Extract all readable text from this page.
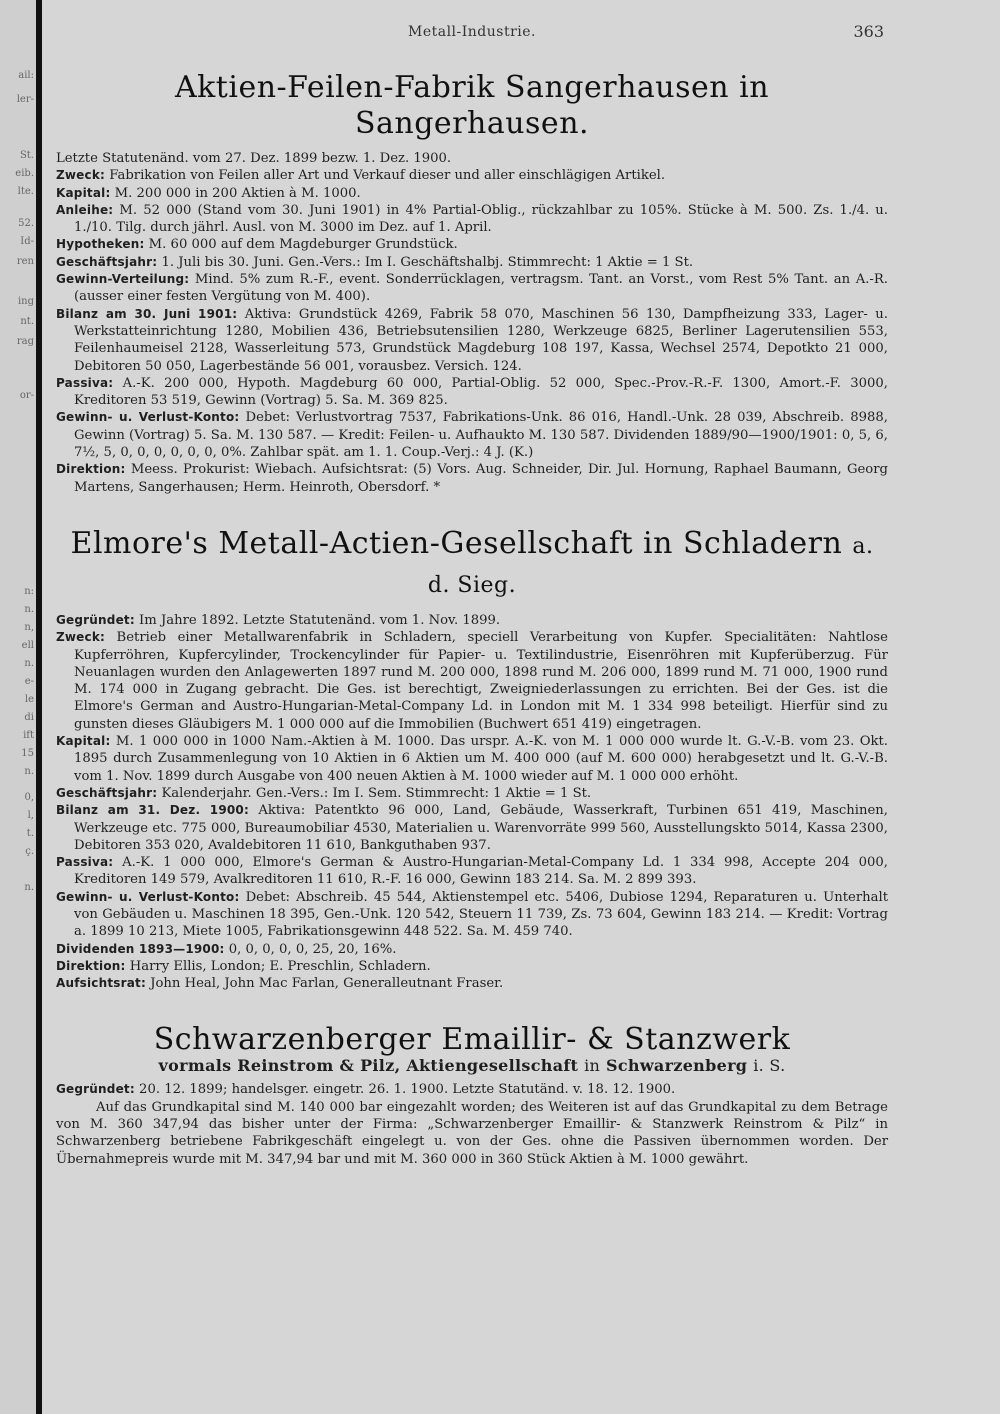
ail:
ler-
St.
eib.
lte.
52.
Id-
ren
ing
nt.
rag
or-
n:
n.
n,
ell
n.
e-
le
di
ift
15
n.
0,
l,
t.
ç.
n.
Metall-Industrie.	363
Aktien-Feilen-Fabrik Sangerhausen in Sangerhausen.

Letzte Statutenänd. vom 27. Dez. 1899 bezw. 1. Dez. 1900.

Zweck: Fabrikation von Feilen aller Art und Verkauf dieser und aller einschlägigen Artikel.

Kapital: M. 200 000 in 200 Aktien à M. 1000.

Anleihe: M. 52 000 (Stand vom 30. Juni 1901) in 4% Partial-Oblig., rückzahlbar zu 105%. Stücke à M. 500. Zs. 1./4. u. 1./10. Tilg. durch jährl. Ausl. von M. 3000 im Dez. auf 1. April.

Hypotheken: M. 60 000 auf dem Magdeburger Grundstück.

Geschäftsjahr: 1. Juli bis 30. Juni. Gen.-Vers.: Im I. Geschäftshalbj. Stimmrecht: 1 Aktie = 1 St.

Gewinn-Verteilung: Mind. 5% zum R.-F., event. Sonderrücklagen, vertragsm. Tant. an Vorst., vom Rest 5% Tant. an A.-R. (ausser einer festen Vergütung von M. 400).

Bilanz am 30. Juni 1901: Aktiva: Grundstück 4269, Fabrik 58 070, Maschinen 56 130, Dampfheizung 333, Lager- u. Werkstatteinrichtung 1280, Mobilien 436, Betriebsutensilien 1280, Werkzeuge 6825, Berliner Lagerutensilien 553, Feilenhaumeisel 2128, Wasserleitung 573, Grundstück Magdeburg 108 197, Kassa, Wechsel 2574, Depotkto 21 000, Debitoren 50 050, Lagerbestände 56 001, vorausbez. Versich. 124.

Passiva: A.-K. 200 000, Hypoth. Magdeburg 60 000, Partial-Oblig. 52 000, Spec.-Prov.-R.-F. 1300, Amort.-F. 3000, Kreditoren 53 519, Gewinn (Vortrag) 5. Sa. M. 369 825.

Gewinn- u. Verlust-Konto: Debet: Verlustvortrag 7537, Fabrikations-Unk. 86 016, Handl.-Unk. 28 039, Abschreib. 8988, Gewinn (Vortrag) 5. Sa. M. 130 587. — Kredit: Feilen- u. Aufhaukto M. 130 587. Dividenden 1889/90—1900/1901: 0, 5, 6, 7½, 5, 0, 0, 0, 0, 0, 0, 0%. Zahlbar spät. am 1. 1. Coup.-Verj.: 4 J. (K.)

Direktion: Meess. Prokurist: Wiebach. Aufsichtsrat: (5) Vors. Aug. Schneider, Dir. Jul. Hornung, Raphael Baumann, Georg Martens, Sangerhausen; Herm. Heinroth, Obersdorf. *

Elmore's Metall-Actien-Gesellschaft in Schladern a. d. Sieg.

Gegründet: Im Jahre 1892. Letzte Statutenänd. vom 1. Nov. 1899.

Zweck: Betrieb einer Metallwarenfabrik in Schladern, speciell Verarbeitung von Kupfer. Specialitäten: Nahtlose Kupferröhren, Kupfercylinder, Trockencylinder für Papier- u. Textilindustrie, Eisenröhren mit Kupferüberzug. Für Neuanlagen wurden den Anlagewerten 1897 rund M. 200 000, 1898 rund M. 206 000, 1899 rund M. 71 000, 1900 rund M. 174 000 in Zugang gebracht. Die Ges. ist berechtigt, Zweigniederlassungen zu errichten. Bei der Ges. ist die Elmore's German and Austro-Hungarian-Metal-Company Ld. in London mit M. 1 334 998 beteiligt. Hierfür sind zu gunsten dieses Gläubigers M. 1 000 000 auf die Immobilien (Buchwert 651 419) eingetragen.

Kapital: M. 1 000 000 in 1000 Nam.-Aktien à M. 1000. Das urspr. A.-K. von M. 1 000 000 wurde lt. G.-V.-B. vom 23. Okt. 1895 durch Zusammenlegung von 10 Aktien in 6 Aktien um M. 400 000 (auf M. 600 000) herabgesetzt und lt. G.-V.-B. vom 1. Nov. 1899 durch Ausgabe von 400 neuen Aktien à M. 1000 wieder auf M. 1 000 000 erhöht.

Geschäftsjahr: Kalenderjahr. Gen.-Vers.: Im I. Sem. Stimmrecht: 1 Aktie = 1 St.

Bilanz am 31. Dez. 1900: Aktiva: Patentkto 96 000, Land, Gebäude, Wasserkraft, Turbinen 651 419, Maschinen, Werkzeuge etc. 775 000, Bureaumobiliar 4530, Materialien u. Warenvorräte 999 560, Ausstellungskto 5014, Kassa 2300, Debitoren 353 020, Avaldebitoren 11 610, Bankguthaben 937.

Passiva: A.-K. 1 000 000, Elmore's German & Austro-Hungarian-Metal-Company Ld. 1 334 998, Accepte 204 000, Kreditoren 149 579, Avalkreditoren 11 610, R.-F. 16 000, Gewinn 183 214. Sa. M. 2 899 393.

Gewinn- u. Verlust-Konto: Debet: Abschreib. 45 544, Aktienstempel etc. 5406, Dubiose 1294, Reparaturen u. Unterhalt von Gebäuden u. Maschinen 18 395, Gen.-Unk. 120 542, Steuern 11 739, Zs. 73 604, Gewinn 183 214. — Kredit: Vortrag a. 1899 10 213, Miete 1005, Fabrikationsgewinn 448 522. Sa. M. 459 740.

Dividenden 1893—1900: 0, 0, 0, 0, 0, 25, 20, 16%.

Direktion: Harry Ellis, London; E. Preschlin, Schladern.

Aufsichtsrat: John Heal, John Mac Farlan, Generalleutnant Fraser.

Schwarzenberger Emaillir- & Stanzwerk
vormals Reinstrom & Pilz, Aktiengesellschaft in Schwarzenberg i. S.

Gegründet: 20. 12. 1899; handelsger. eingetr. 26. 1. 1900. Letzte Statutänd. v. 18. 12. 1900.

Auf das Grundkapital sind M. 140 000 bar eingezahlt worden; des Weiteren ist auf das Grundkapital zu dem Betrage von M. 360 347,94 das bisher unter der Firma: „Schwarzenberger Emaillir- & Stanzwerk Reinstrom & Pilz“ in Schwarzenberg betriebene Fabrikgeschäft eingelegt u. von der Ges. ohne die Passiven übernommen worden. Der Übernahmepreis wurde mit M. 347,94 bar und mit M. 360 000 in 360 Stück Aktien à M. 1000 gewährt.
